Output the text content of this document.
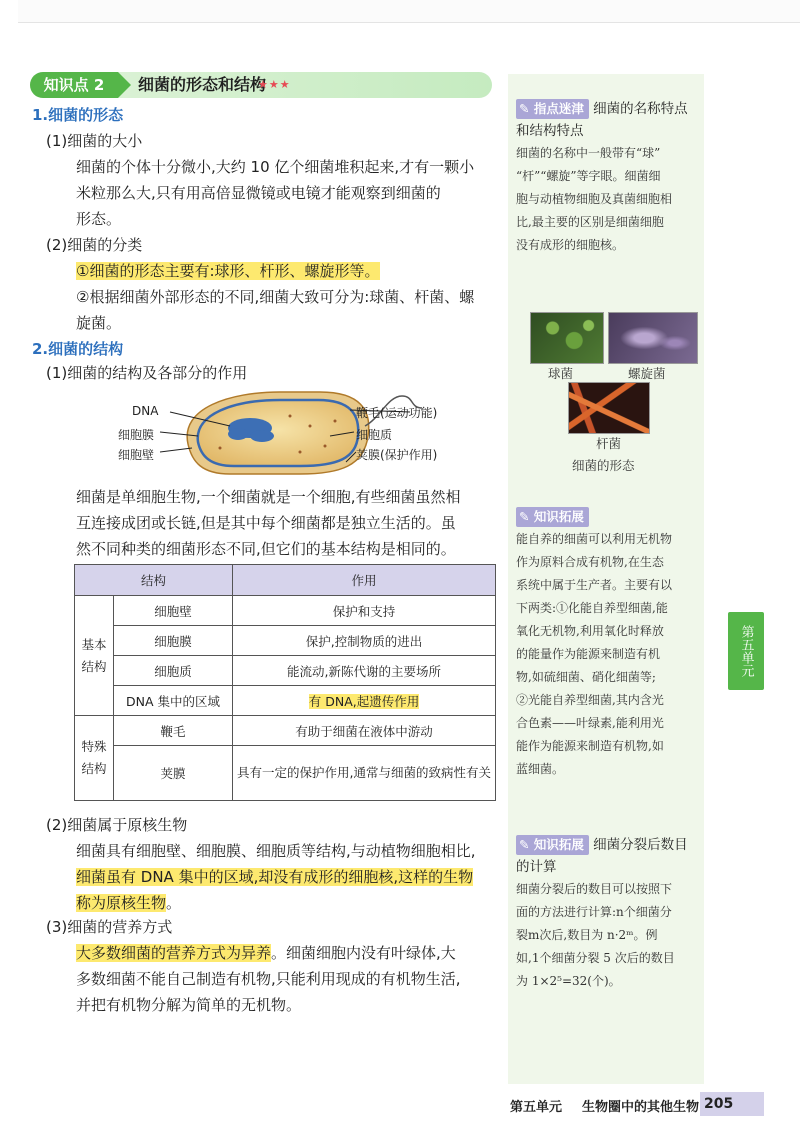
知识点 2	细菌的形态和结构
★★★
1.细菌的形态
(1)细菌的大小
细菌的个体十分微小,大约 10 亿个细菌堆积起来,才有一颗小
米粒那么大,只有用高倍显微镜或电镜才能观察到细菌的
形态。
(2)细菌的分类
①细菌的形态主要有:球形、杆形、螺旋形等。
②根据细菌外部形态的不同,细菌大致可分为:球菌、杆菌、螺
旋菌。
2.细菌的结构
(1)细菌的结构及各部分的作用
DNA
细胞膜
细胞壁
鞭毛(运动功能)
细胞质
荚膜(保护作用)
细菌是单细胞生物,一个细菌就是一个细胞,有些细菌虽然相
互连接成团或长链,但是其中每个细菌都是独立生活的。虽
然不同种类的细菌形态不同,但它们的基本结构是相同的。
结构		作用
基本结构	细胞壁	保护和支持
	细胞膜	保护,控制物质的进出
	细胞质	能流动,新陈代谢的主要场所
	DNA 集中的区域	有 DNA,起遗传作用
特殊结构	鞭毛	有助于细菌在液体中游动
	荚膜	具有一定的保护作用,通常与细菌的致病性有关
(2)细菌属于原核生物
细菌具有细胞壁、细胞膜、细胞质等结构,与动植物细胞相比,
细菌虽有 DNA 集中的区域,却没有成形的细胞核,这样的生物
称为原核生物。
(3)细菌的营养方式
大多数细菌的营养方式为异养。细菌细胞内没有叶绿体,大
多数细菌不能自己制造有机物,只能利用现成的有机物生活,
并把有机物分解为简单的无机物。
✎ 指点迷津 细菌的名称特点
和结构特点
细菌的名称中一般带有“球”
“杆”“螺旋”等字眼。细菌细
胞与动植物细胞及真菌细胞相
比,最主要的区别是细菌细胞
没有成形的细胞核。
球菌	螺旋菌
杆菌
细菌的形态
✎ 知识拓展
能自养的细菌可以利用无机物
作为原料合成有机物,在生态
系统中属于生产者。主要有以
下两类:①化能自养型细菌,能
氧化无机物,利用氧化时释放
的能量作为能源来制造有机
物,如硫细菌、硝化细菌等;
②光能自养型细菌,其内含光
合色素——叶绿素,能利用光
能作为能源来制造有机物,如
蓝细菌。
✎ 知识拓展 细菌分裂后数目
的计算
细菌分裂后的数目可以按照下
面的方法进行计算:n个细菌分
裂m次后,数目为 n·2ᵐ。例
如,1个细菌分裂 5 次后的数目
为 1×2⁵=32(个)。
第五单元
第五单元 生物圈中的其他生物 205
